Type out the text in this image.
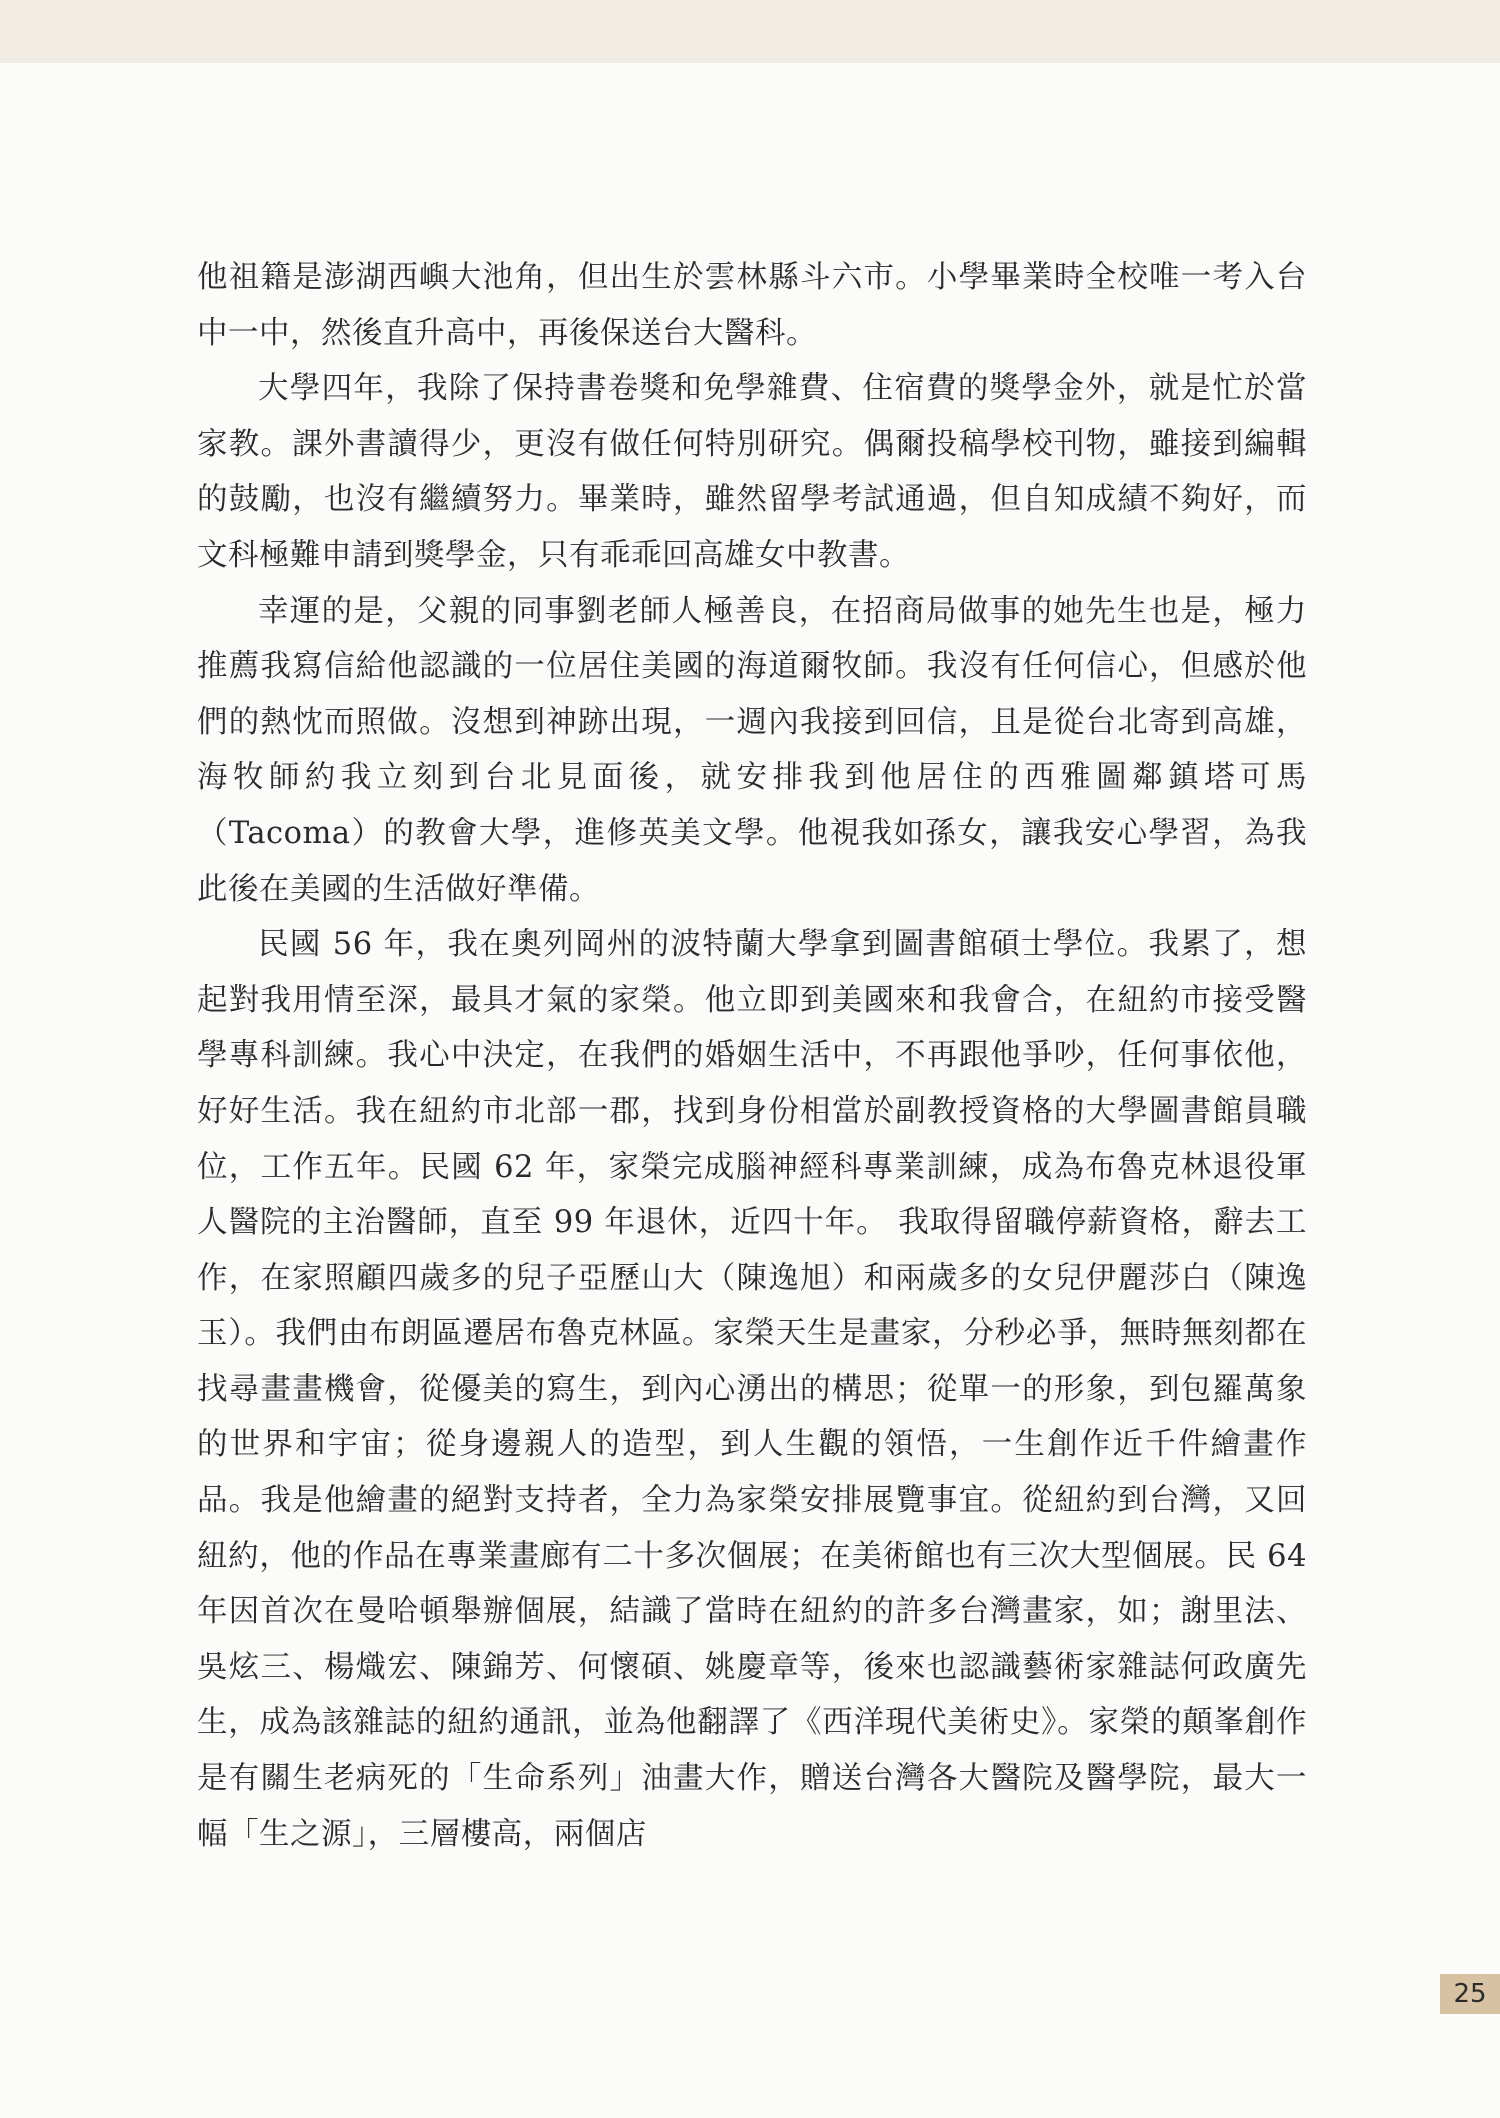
他祖籍是澎湖西嶼大池角，但出生於雲林縣斗六市。小學畢業時全校唯一考入台中一中，然後直升高中，再後保送台大醫科。

大學四年，我除了保持書卷獎和免學雜費、住宿費的獎學金外，就是忙於當家教。課外書讀得少，更沒有做任何特別研究。偶爾投稿學校刊物，雖接到編輯的鼓勵，也沒有繼續努力。畢業時，雖然留學考試通過，但自知成績不夠好，而文科極難申請到獎學金，只有乖乖回高雄女中教書。

幸運的是，父親的同事劉老師人極善良，在招商局做事的她先生也是，極力推薦我寫信給他認識的一位居住美國的海道爾牧師。我沒有任何信心，但感於他們的熱忱而照做。沒想到神跡出現，一週內我接到回信，且是從台北寄到高雄，海牧師約我立刻到台北見面後，就安排我到他居住的西雅圖鄰鎮塔可馬（Tacoma）的教會大學，進修英美文學。他視我如孫女，讓我安心學習，為我此後在美國的生活做好準備。

民國 56 年，我在奧列岡州的波特蘭大學拿到圖書館碩士學位。我累了，想起對我用情至深，最具才氣的家榮。他立即到美國來和我會合，在紐約市接受醫學專科訓練。我心中決定，在我們的婚姻生活中，不再跟他爭吵，任何事依他，好好生活。我在紐約市北部一郡，找到身份相當於副教授資格的大學圖書館員職位，工作五年。民國 62 年，家榮完成腦神經科專業訓練，成為布魯克林退役軍人醫院的主治醫師，直至 99 年退休，近四十年。 我取得留職停薪資格，辭去工作，在家照顧四歲多的兒子亞歷山大（陳逸旭）和兩歲多的女兒伊麗莎白（陳逸玉）。我們由布朗區遷居布魯克林區。家榮天生是畫家，分秒必爭，無時無刻都在找尋畫畫機會，從優美的寫生，到內心湧出的構思；從單一的形象，到包羅萬象的世界和宇宙；從身邊親人的造型，到人生觀的領悟，一生創作近千件繪畫作品。我是他繪畫的絕對支持者，全力為家榮安排展覽事宜。從紐約到台灣，又回紐約，他的作品在專業畫廊有二十多次個展；在美術館也有三次大型個展。民 64 年因首次在曼哈頓舉辦個展，結識了當時在紐約的許多台灣畫家，如；謝里法、吳炫三、楊熾宏、陳錦芳、何懷碩、姚慶章等，後來也認識藝術家雜誌何政廣先生，成為該雜誌的紐約通訊，並為他翻譯了《西洋現代美術史》。家榮的顛峯創作是有關生老病死的「生命系列」油畫大作，贈送台灣各大醫院及醫學院，最大一幅「生之源」，三層樓高，兩個店

25
